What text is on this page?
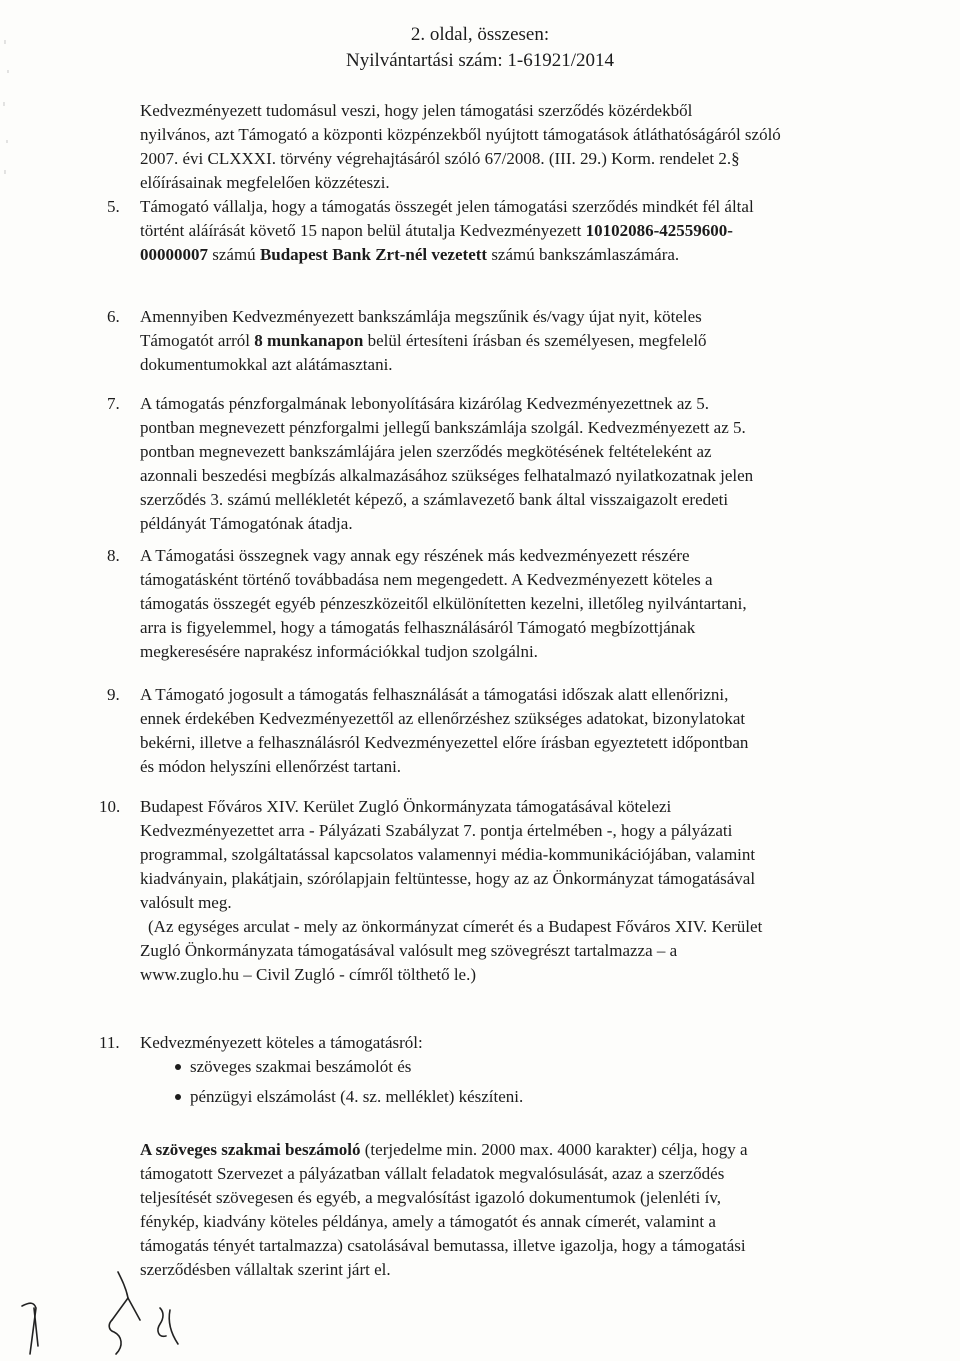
2. oldal, összesen:
Nyilvántartási szám: 1-61921/2014
Kedvezményezett tudomásul veszi, hogy jelen támogatási szerződés közérdekből
nyilvános, azt Támogató a központi közpénzekből nyújtott támogatások átláthatóságáról szóló
2007. évi CLXXXI. törvény végrehajtásáról szóló 67/2008. (III. 29.) Korm. rendelet 2.§
előírásainak megfelelően közzéteszi.
5. Támogató vállalja, hogy a támogatás összegét jelen támogatási szerződés mindkét fél által
történt aláírását követő 15 napon belül átutalja Kedvezményezett 10102086-42559600-
00000007 számú Budapest Bank Zrt-nél vezetett számú bankszámlaszámára.
6. Amennyiben Kedvezményezett bankszámlája megszűnik és/vagy újat nyit, köteles
Támogatót arról 8 munkanapon belül értesíteni írásban és személyesen, megfelelő
dokumentumokkal azt alátámasztani.
7. A támogatás pénzforgalmának lebonyolítására kizárólag Kedvezményezettnek az 5.
pontban megnevezett pénzforgalmi jellegű bankszámlája szolgál. Kedvezményezett az 5.
pontban megnevezett bankszámlájára jelen szerződés megkötésének feltételeként az
azonnali beszedési megbízás alkalmazásához szükséges felhatalmazó nyilatkozatnak jelen
szerződés 3. számú mellékletét képező, a számlavezető bank által visszaigazolt eredeti
példányát Támogatónak átadja.
8. A Támogatási összegnek vagy annak egy részének más kedvezményezett részére
támogatásként történő továbbadása nem megengedett. A Kedvezményezett köteles a
támogatás összegét egyéb pénzeszközeitől elkülönítetten kezelni, illetőleg nyilvántartani,
arra is figyelemmel, hogy a támogatás felhasználásáról Támogató megbízottjának
megkeresésére naprakész információkkal tudjon szolgálni.
9. A Támogató jogosult a támogatás felhasználását a támogatási időszak alatt ellenőrizni,
ennek érdekében Kedvezményezettől az ellenőrzéshez szükséges adatokat, bizonylatokat
bekérni, illetve a felhasználásról Kedvezményezettel előre írásban egyeztetett időpontban
és módon helyszíni ellenőrzést tartani.
10. Budapest Főváros XIV. Kerület Zugló Önkormányzata támogatásával kötelezi
Kedvezményezettet arra - Pályázati Szabályzat 7. pontja értelmében -, hogy a pályázati
programmal, szolgáltatással kapcsolatos valamennyi média-kommunikációjában, valamint
kiadványain, plakátjain, szórólapjain feltüntesse, hogy az az Önkormányzat támogatásával
valósult meg.
(Az egységes arculat - mely az önkormányzat címerét és a Budapest Főváros XIV. Kerület
Zugló Önkormányzata támogatásával valósult meg szövegrészt tartalmazza – a
www.zuglo.hu – Civil Zugló - címről tölthető le.)
11. Kedvezményezett köteles a támogatásról:
szöveges szakmai beszámolót és
pénzügyi elszámolást (4. sz. melléklet) készíteni.
A szöveges szakmai beszámoló (terjedelme min. 2000 max. 4000 karakter) célja, hogy a
támogatott Szervezet a pályázatban vállalt feladatok megvalósulását, azaz a szerződés
teljesítését szövegesen és egyéb, a megvalósítást igazoló dokumentumok (jelenléti ív,
fénykép, kiadvány köteles példánya, amely a támogatót és annak címerét, valamint a
támogatás tényét tartalmazza) csatolásával bemutassa, illetve igazolja, hogy a támogatási
szerződésben vállaltak szerint járt el.
